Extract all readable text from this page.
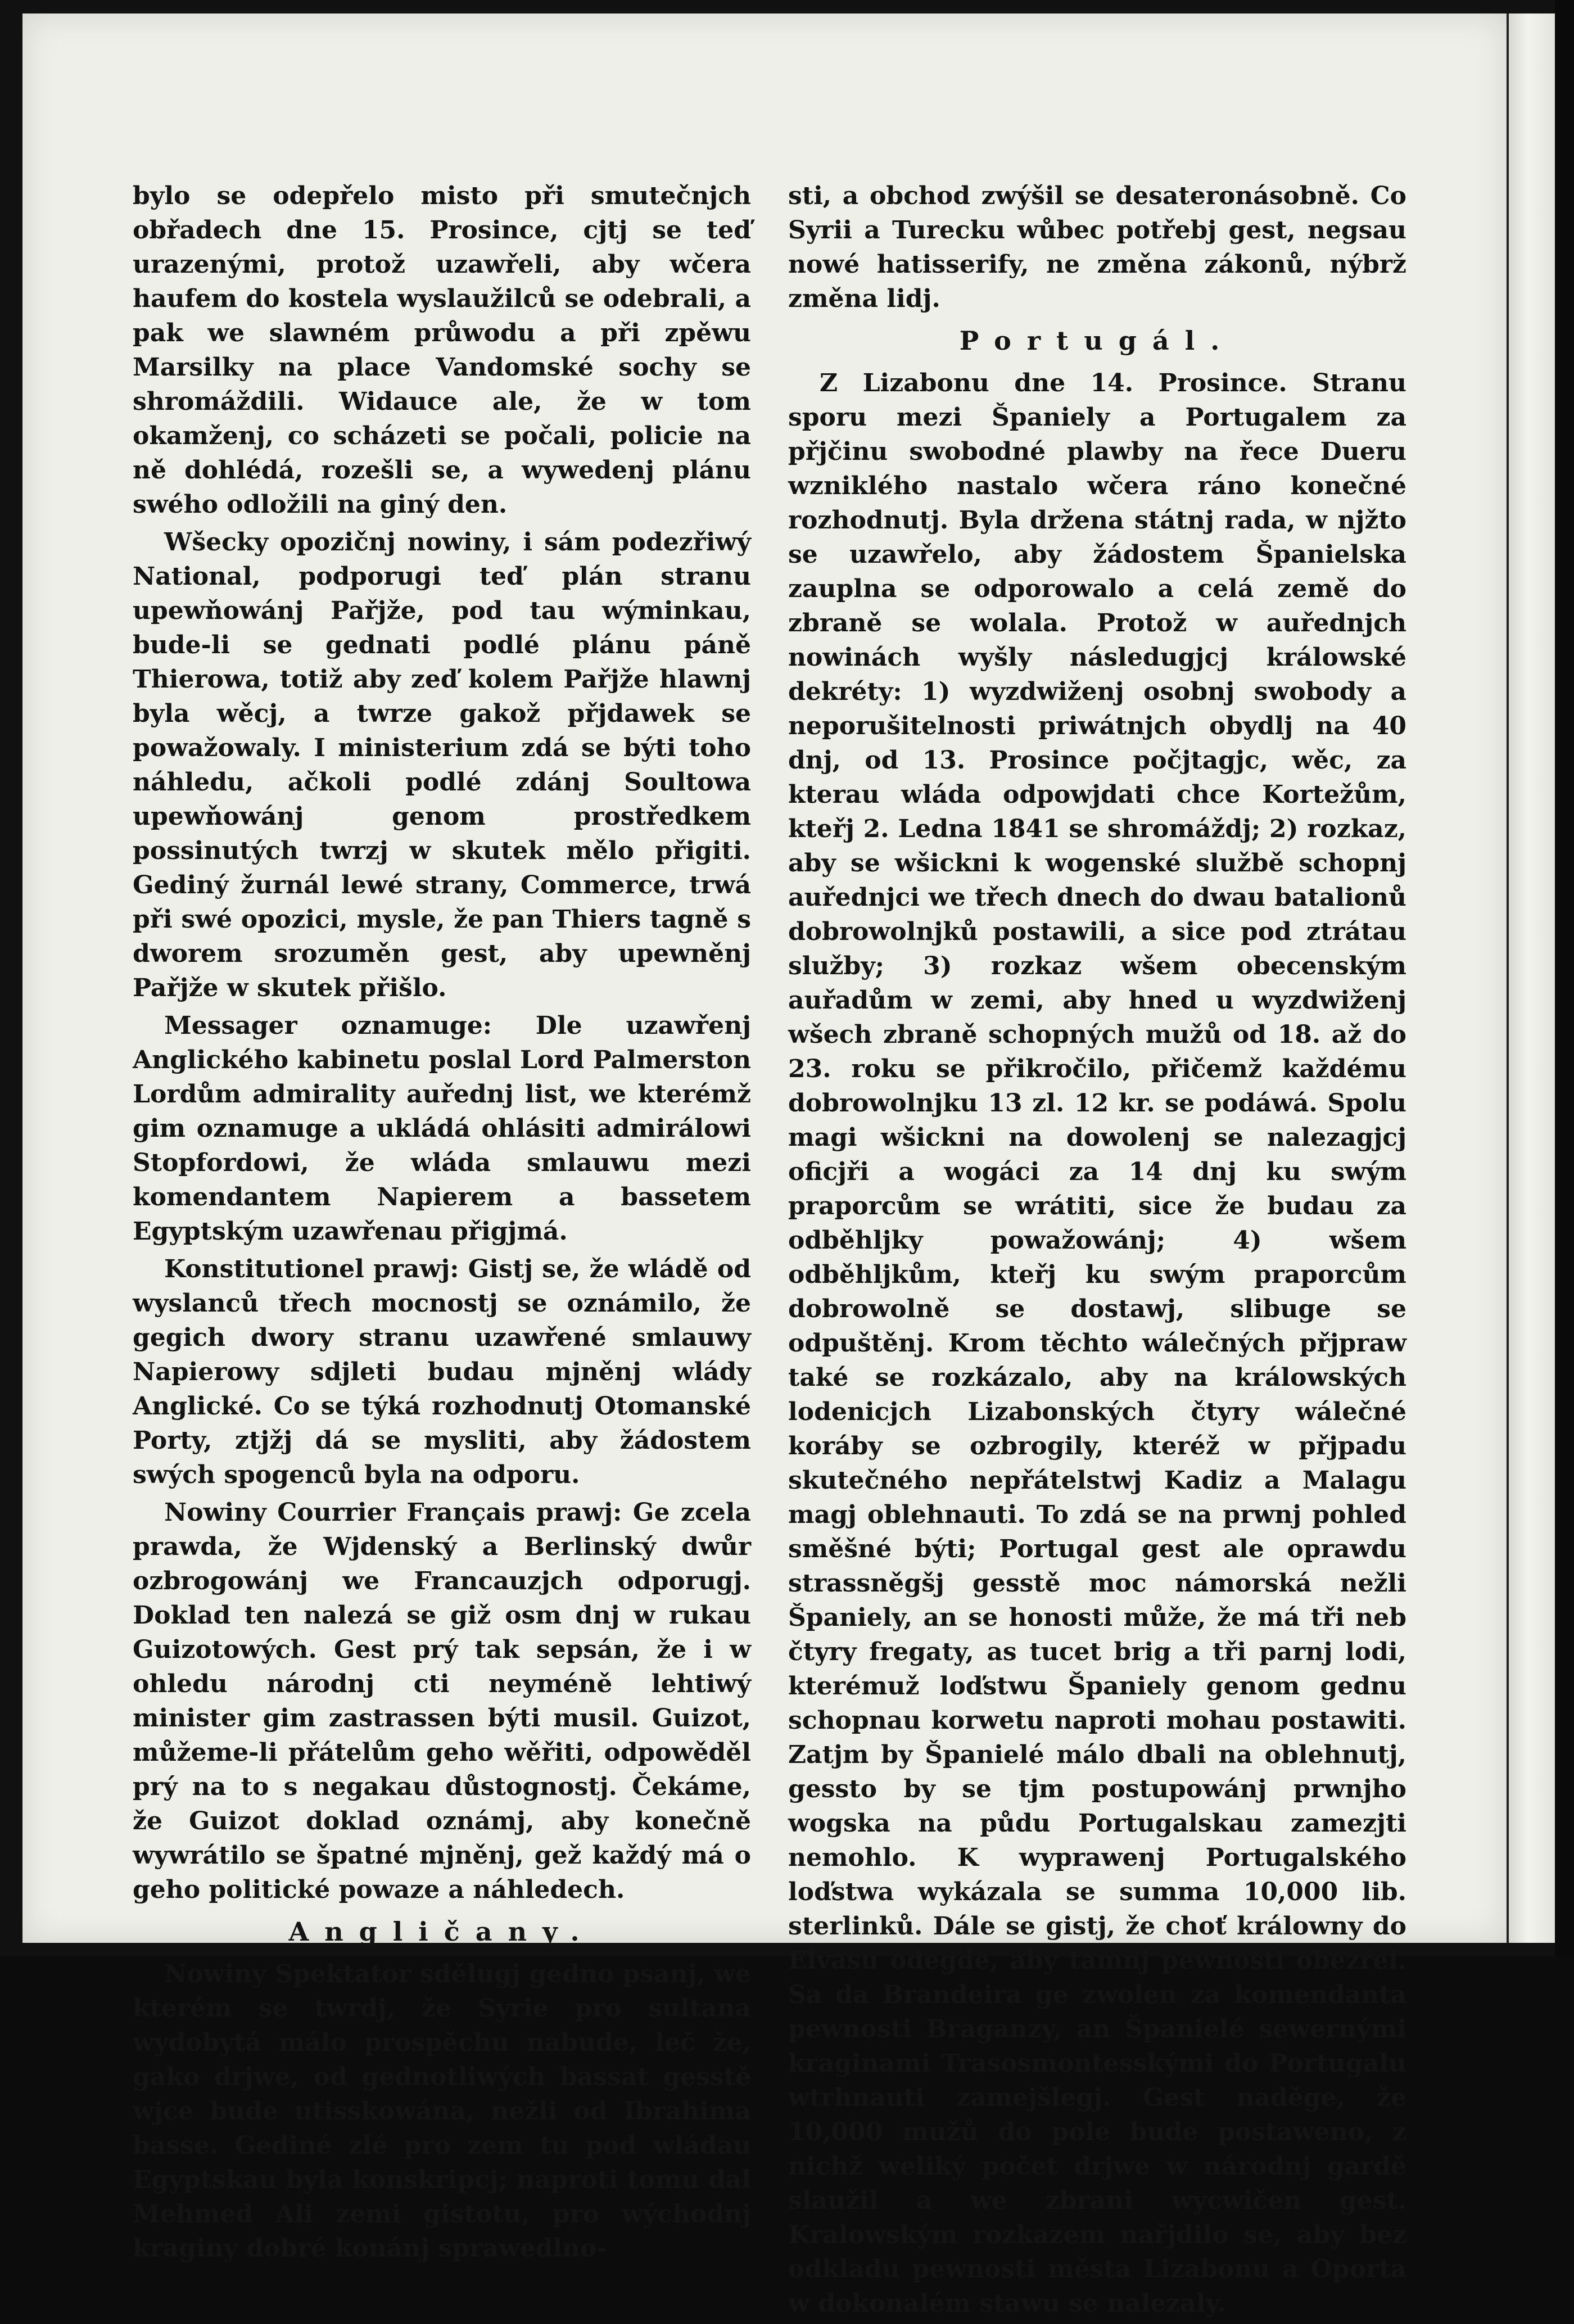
bylo se odepřelo misto při smutečnjch obřadech dne 15. Prosince, cjtj se teď urazenými, protož uzawřeli, aby wčera haufem do kostela wyslaužilců se odebrali, a pak we slawném průwodu a při zpěwu Marsilky na place Vandomské sochy se shromáždili. Widauce ale, že w tom okamženj, co scházeti se počali, policie na ně dohlédá, rozešli se, a wywedenj plánu swého odložili na giný den.

Wšecky opozičnj nowiny, i sám podezřiwý National, podporugi teď plán stranu upewňowánj Pařjže, pod tau wýminkau, bude-li se gednati podlé plánu páně Thierowa, totiž aby zeď kolem Pařjže hlawnj byla wěcj, a twrze gakož přjdawek se powažowaly. I ministerium zdá se býti toho náhledu, ačkoli podlé zdánj Soultowa upewňowánj genom prostředkem possinutých twrzj w skutek mělo přigiti. Gediný žurnál lewé strany, Commerce, trwá při swé opozici, mysle, že pan Thiers tagně s dworem srozuměn gest, aby upewněnj Pařjže w skutek přišlo.

Messager oznamuge: Dle uzawřenj Anglického kabinetu poslal Lord Palmerston Lordům admirality auřednj list, we kterémž gim oznamuge a ukládá ohlásiti admirálowi Stopfordowi, že wláda smlauwu mezi komendantem Napierem a bassetem Egyptským uzawřenau přigjmá.

Konstitutionel prawj: Gistj se, že wládě od wyslanců třech mocnostj se oznámilo, že gegich dwory stranu uzawřené smlauwy Napierowy sdjleti budau mjněnj wlády Anglické. Co se týká rozhodnutj Otomanské Porty, ztjžj dá se mysliti, aby žádostem swých spogenců byla na odporu.

Nowiny Courrier Français prawj: Ge zcela prawda, že Wjdenský a Berlinský dwůr ozbrogowánj we Francauzjch odporugj. Doklad ten nalezá se giž osm dnj w rukau Guizotowých. Gest prý tak sepsán, že i w ohledu národnj cti neyméně lehtiwý minister gim zastrassen býti musil. Guizot, můžeme-li přátelům geho wěřiti, odpowěděl prý na to s negakau důstognostj. Čekáme, že Guizot doklad oznámj, aby konečně wywrátilo se špatné mjněnj, gež každý má o geho politické powaze a náhledech.

Angličany.

Nowiny Spektator sdělugj gedno psanj, we kterém se twrdj, že Syrie pro sultana wydobytá málo prospěchu nabude, leč že, gako drjwe, od gednotliwých bassat gesstě wjce bude utisskowána, nežli od Ibrahima basse. Gediné zlé pro zem tu pod wládau Egyptskau byla konskripcj; naproti tomu dal Mehmed Ali zemi gistotu, pro wýchodnj kraginy dobré konánj sprawedlno-

sti, a obchod zwýšil se desateronásobně. Co Syrii a Turecku wůbec potřebj gest, negsau nowé hatisserify, ne změna zákonů, nýbrž změna lidj.

Portugál.

Z Lizabonu dne 14. Prosince. Stranu sporu mezi Španiely a Portugalem za přjčinu swobodné plawby na řece Dueru wzniklého nastalo wčera ráno konečné rozhodnutj. Byla držena státnj rada, w njžto se uzawřelo, aby žádostem Španielska zauplna se odporowalo a celá země do zbraně se wolala. Protož w auřednjch nowinách wyšly následugjcj králowské dekréty: 1) wyzdwiženj osobnj swobody a neporušitelnosti priwátnjch obydlj na 40 dnj, od 13. Prosince počjtagjc, wěc, za kterau wláda odpowjdati chce Kortežům, kteřj 2. Ledna 1841 se shromáždj; 2) rozkaz, aby se wšickni k wogenské službě schopnj auřednjci we třech dnech do dwau batalionů dobrowolnjků postawili, a sice pod ztrátau služby; 3) rozkaz wšem obecenským auřadům w zemi, aby hned u wyzdwiženj wšech zbraně schopných mužů od 18. až do 23. roku se přikročilo, přičemž každému dobrowolnjku 13 zl. 12 kr. se podáwá. Spolu magi wšickni na dowolenj se nalezagjcj oficjři a wogáci za 14 dnj ku swým praporcům se wrátiti, sice že budau za odběhljky powažowánj; 4) wšem odběhljkům, kteřj ku swým praporcům dobrowolně se dostawj, slibuge se odpuštěnj. Krom těchto wálečných přjpraw také se rozkázalo, aby na králowských lodenicjch Lizabonských čtyry wálečné koráby se ozbrogily, kteréž w přjpadu skutečného nepřátelstwj Kadiz a Malagu magj oblehnauti. To zdá se na prwnj pohled směšné býti; Portugal gest ale oprawdu strassněgšj gesstě moc námorská nežli Španiely, an se honosti může, že má tři neb čtyry fregaty, as tucet brig a tři parnj lodi, kterémuž loďstwu Španiely genom gednu schopnau korwetu naproti mohau postawiti. Zatjm by Španielé málo dbali na oblehnutj, gessto by se tjm postupowánj prwnjho wogska na půdu Portugalskau zamezjti nemohlo. K wyprawenj Portugalského loďstwa wykázala se summa 10,000 lib. sterlinků. Dále se gistj, že choť králowny do Elvasu odegde, aby tamnj pewnosti obezřel. Sa da Brandeira ge zwolen za komendanta pewnosti Braganzy, an Španielé sewernými kraginami Trasosmontesskými do Portugalu wtrhnauti zamejšlegj. Gest naděge, že 10,000 mužů do pole bude postaweno, z nichž weliký počet drjwe w národnj gardě slaužil a we zbrani wycwičen gest. Kralowským rozkazem nařjdilo se, aby bez odkladu pewnosti města Lizabonu a Oporta w dokonalém stawu se nalezaly.
